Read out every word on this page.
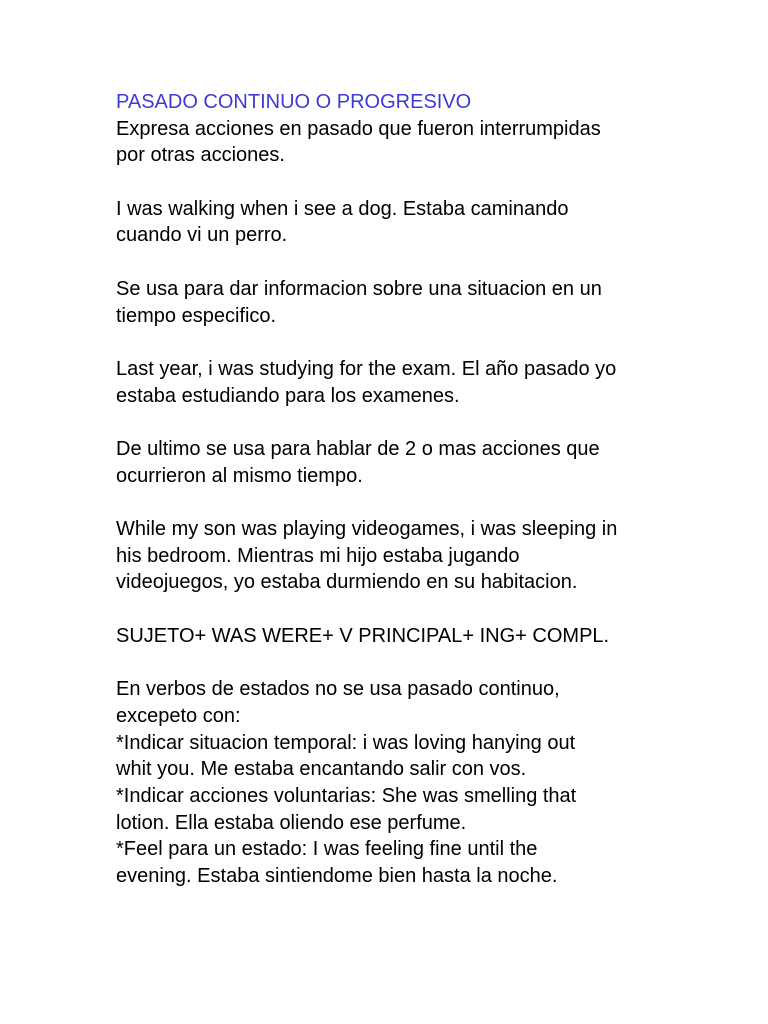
PASADO CONTINUO O PROGRESIVO
Expresa acciones en pasado que fueron interrumpidas
por otras acciones.
I was walking when i see a dog. Estaba caminando
cuando vi un perro.
Se usa para dar informacion sobre una situacion en un
tiempo especifico.
Last year, i was studying for the exam. El año pasado yo
estaba estudiando para los examenes.
De ultimo se usa para hablar de 2 o mas acciones que
ocurrieron al mismo tiempo.
While my son was playing videogames, i was sleeping in
his bedroom. Mientras mi hijo estaba jugando
videojuegos, yo estaba durmiendo en su habitacion.
SUJETO+ WAS WERE+ V PRINCIPAL+ ING+ COMPL.
En verbos de estados no se usa pasado continuo,
excepeto con:
*Indicar situacion temporal: i was loving hanying out
whit you. Me estaba encantando salir con vos.
*Indicar acciones voluntarias: She was smelling that
lotion. Ella estaba oliendo ese perfume.
*Feel para un estado: I was feeling fine until the
evening. Estaba sintiendome bien hasta la noche.
